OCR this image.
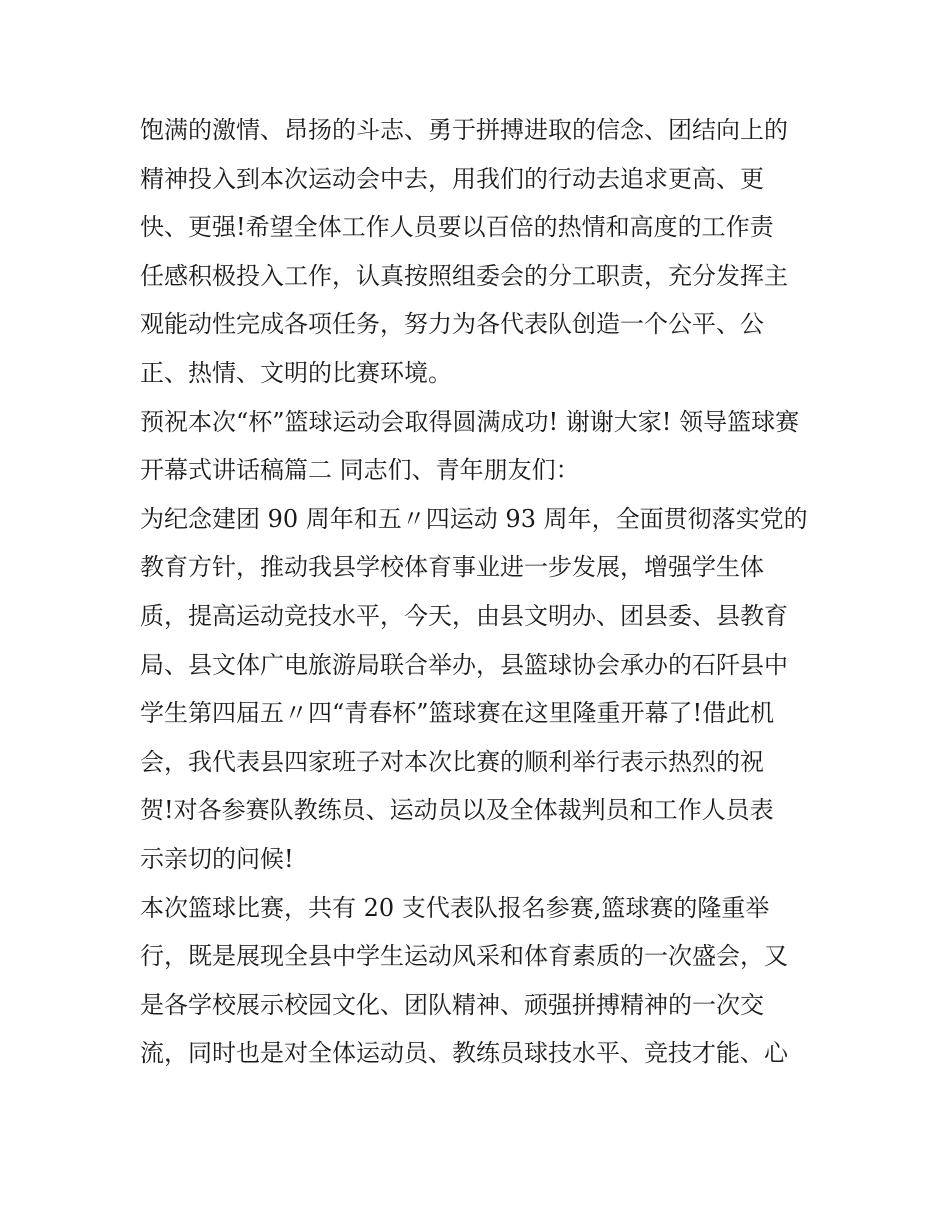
饱满的激情、昂扬的斗志、勇于拼搏进取的信念、团结向上的
精神投入到本次运动会中去，用我们的行动去追求更高、更
快、更强!希望全体工作人员要以百倍的热情和高度的工作责
任感积极投入工作，认真按照组委会的分工职责，充分发挥主
观能动性完成各项任务，努力为各代表队创造一个公平、公
正、热情、文明的比赛环境。
预祝本次“杯”篮球运动会取得圆满成功! 谢谢大家! 领导篮球赛
开幕式讲话稿篇二 同志们、青年朋友们：
为纪念建团 90 周年和五〃四运动 93 周年，全面贯彻落实党的
教育方针，推动我县学校体育事业进一步发展，增强学生体
质，提高运动竞技水平，今天，由县文明办、团县委、县教育
局、县文体广电旅游局联合举办，县篮球协会承办的石阡县中
学生第四届五〃四“青春杯”篮球赛在这里隆重开幕了!借此机
会，我代表县四家班子对本次比赛的顺利举行表示热烈的祝
贺!对各参赛队教练员、运动员以及全体裁判员和工作人员表
示亲切的问候!
本次篮球比赛，共有 20 支代表队报名参赛,篮球赛的隆重举
行，既是展现全县中学生运动风采和体育素质的一次盛会，又
是各学校展示校园文化、团队精神、顽强拼搏精神的一次交
流，同时也是对全体运动员、教练员球技水平、竞技才能、心
